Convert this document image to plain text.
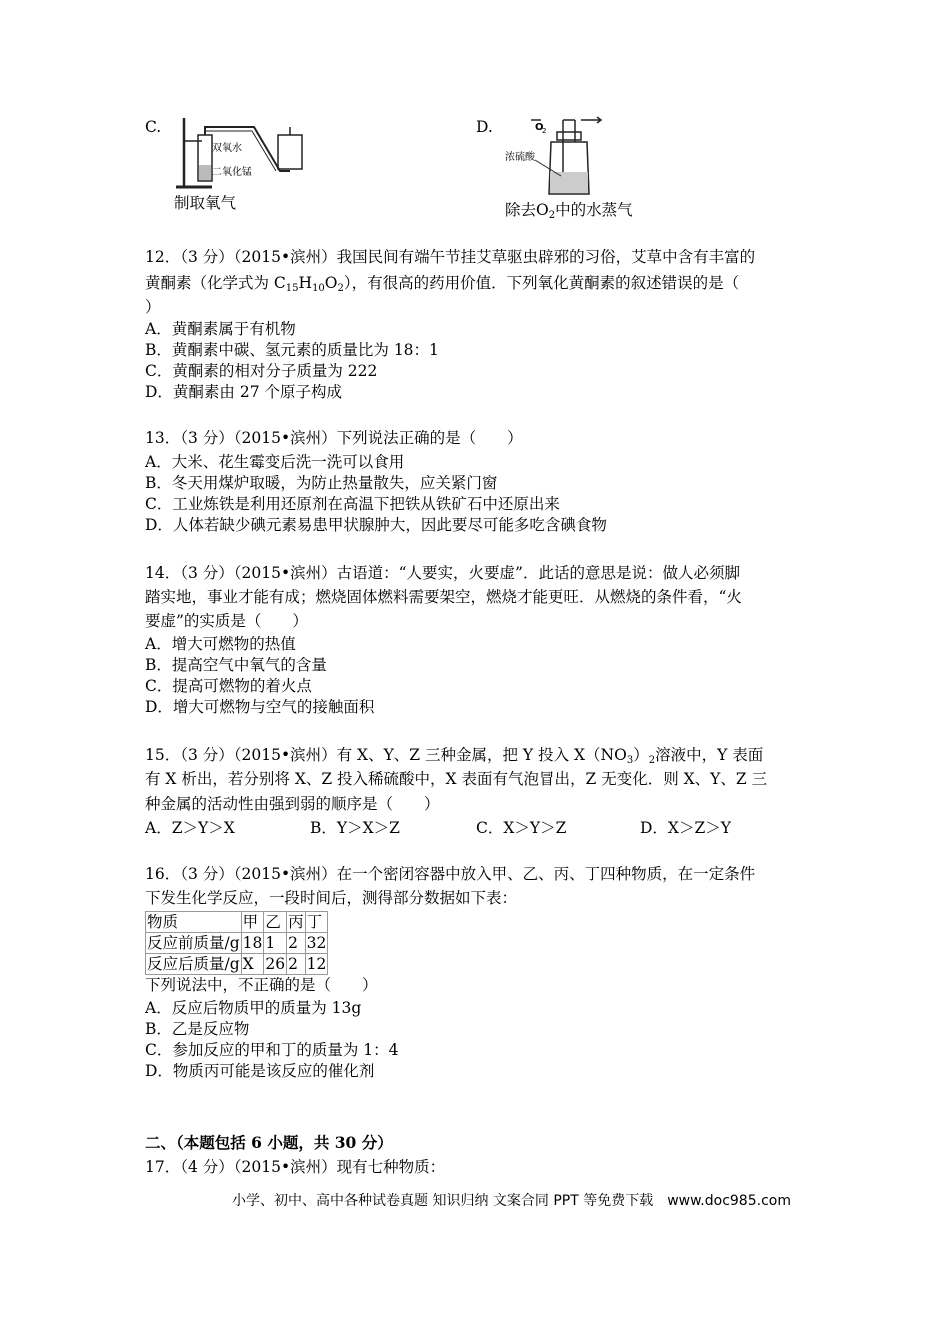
C.
双氧水
二氧化锰
制取氧气
D.	O
2
浓硫酸
除去$O_2$中的水蒸气
12．（3 分）（2015•滨州）我国民间有端午节挂艾草驱虫辟邪的习俗，艾草中含有丰富的
黄酮素（化学式为 $C_{15}H_{10}O_2$），有很高的药用价值．下列氧化黄酮素的叙述错误的是（
）
A．黄酮素属于有机物
B．黄酮素中碳、氢元素的质量比为 18：1
C．黄酮素的相对分子质量为 222
D．黄酮素由 27 个原子构成
13．（3 分）（2015•滨州）下列说法正确的是（　　）
A．大米、花生霉变后洗一洗可以食用
B．冬天用煤炉取暖，为防止热量散失，应关紧门窗
C．工业炼铁是利用还原剂在高温下把铁从铁矿石中还原出来
D．人体若缺少碘元素易患甲状腺肿大，因此要尽可能多吃含碘食物
14．（3 分）（2015•滨州）古语道：“人要实，火要虚”．此话的意思是说：做人必须脚
踏实地，事业才能有成；燃烧固体燃料需要架空，燃烧才能更旺．从燃烧的条件看，“火
要虚”的实质是（　　）
A．增大可燃物的热值
B．提高空气中氧气的含量
C．提高可燃物的着火点
D．增大可燃物与空气的接触面积
15．（3 分）（2015•滨州）有 X、Y、Z 三种金属，把 Y 投入 $X(NO_3)_2$溶液中，Y 表面
有 X 析出，若分别将 X、Z 投入稀硫酸中，X 表面有气泡冒出，Z 无变化．则 X、Y、Z 三
种金属的活动性由强到弱的顺序是（　　）
A．Z＞Y＞X	B．Y＞X＞Z	C．X＞Y＞Z	D．X＞Z＞Y
16．（3 分）（2015•滨州）在一个密闭容器中放入甲、乙、丙、丁四种物质，在一定条件
下发生化学反应，一段时间后，测得部分数据如下表：
物质	甲	乙	丙	丁
反应前质量/g	18	1	2	32
反应后质量/g	X	26	2	12
下列说法中，不正确的是（　　）
A．反应后物质甲的质量为 13g
B．乙是反应物
C．参加反应的甲和丁的质量为 1：4
D．物质丙可能是该反应的催化剂
二、（本题包括 6 小题，共 30 分）
17．（4 分）（2015•滨州）现有七种物质：
小学、初中、高中各种试卷真题 知识归纳 文案合同 PPT 等免费下载　www.doc985.com
